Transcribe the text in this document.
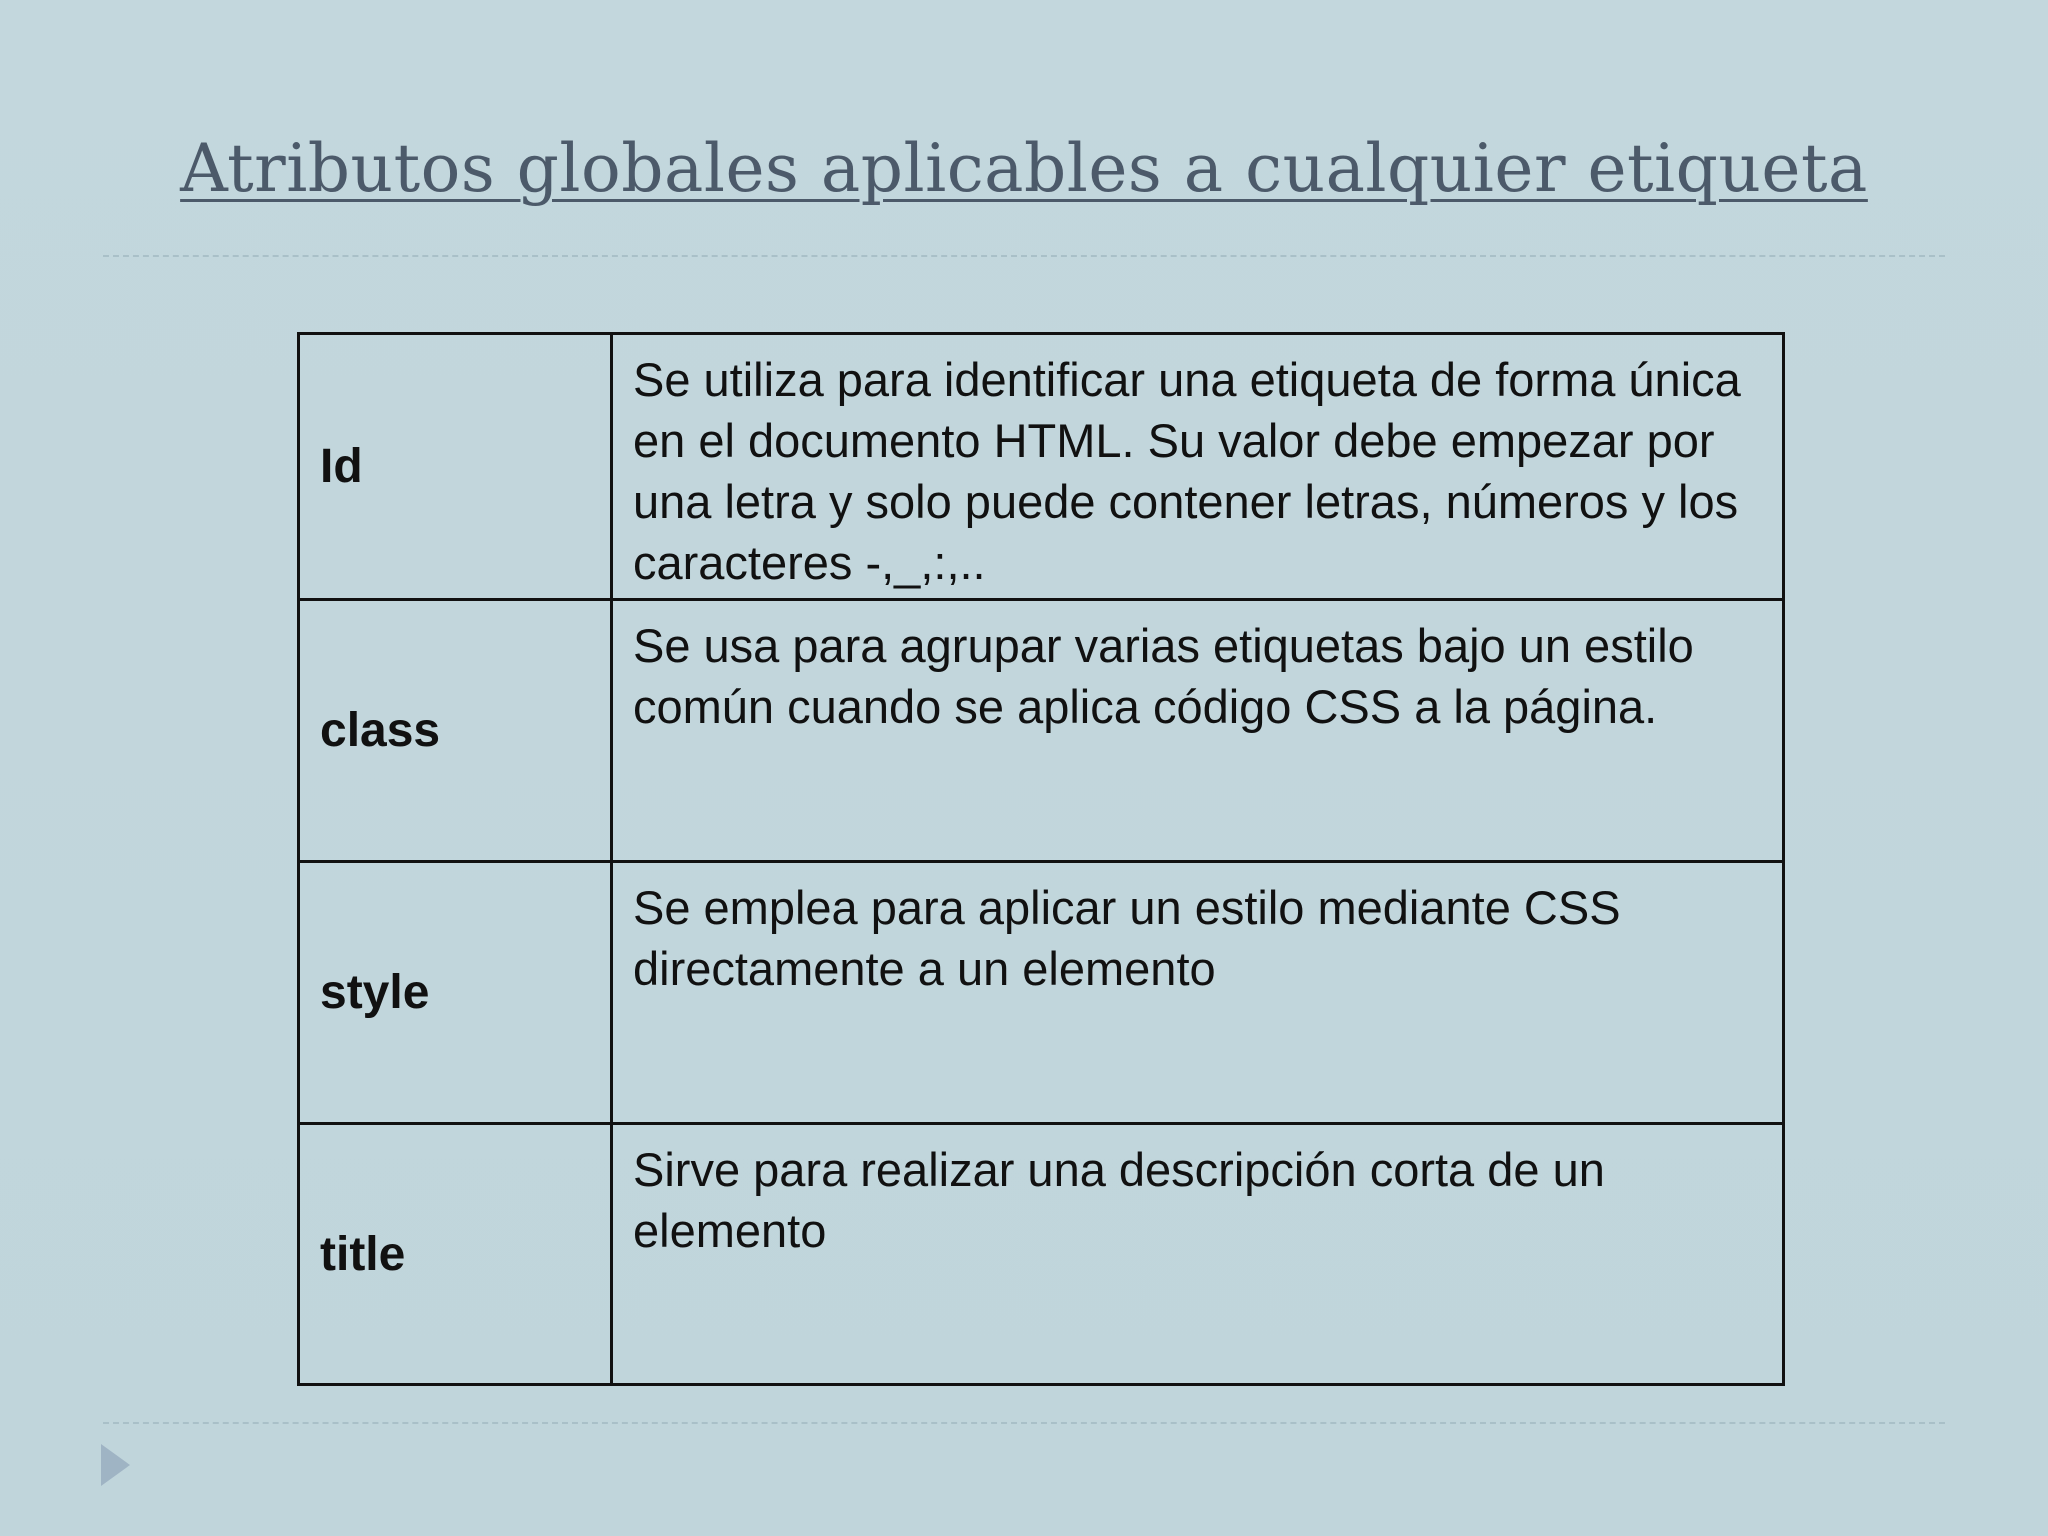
Atributos globales aplicables a cualquier etiqueta
Id
Se utiliza para identificar una etiqueta de forma única en el documento HTML. Su valor debe empezar por una letra y solo puede contener letras, números y los caracteres -,_,:,..
class
Se usa para agrupar varias etiquetas bajo un estilo común cuando se aplica código CSS a la página.
style
Se emplea para aplicar un estilo mediante CSS directamente a un elemento
title
Sirve para realizar una descripción corta de un elemento
